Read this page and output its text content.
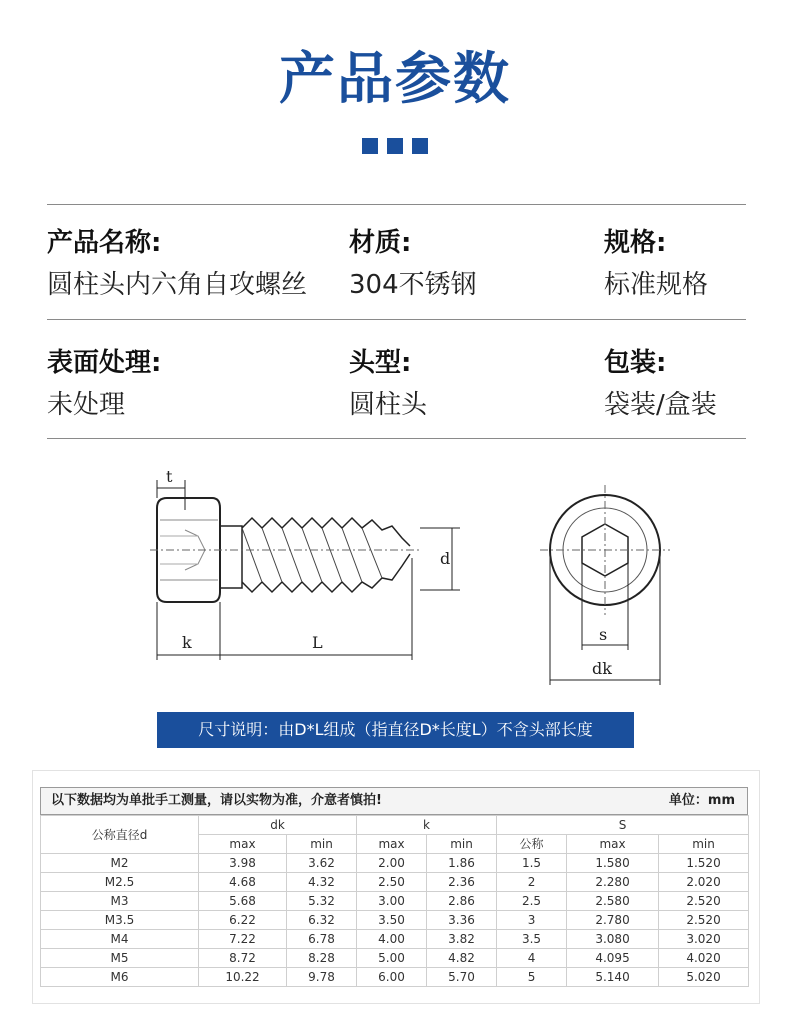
产品参数
产品名称:
圆柱头内六角自攻螺丝
材质:
304不锈钢
规格:
标准规格
表面处理:
未处理
头型:
圆柱头
包装:
袋装/盒装
t
k	L
d
s
dk
尺寸说明：由D*L组成（指直径D*长度L）不含头部长度
以下数据均为单批手工测量，请以实物为准，介意者慎拍!	单位：mm
公称直径d	dk		k		S		
	max	min	max	min	公称	max	min
M2	3.98	3.62	2.00	1.86	1.5	1.580	1.520
M2.5	4.68	4.32	2.50	2.36	2	2.280	2.020
M3	5.68	5.32	3.00	2.86	2.5	2.580	2.520
M3.5	6.22	6.32	3.50	3.36	3	2.780	2.520
M4	7.22	6.78	4.00	3.82	3.5	3.080	3.020
M5	8.72	8.28	5.00	4.82	4	4.095	4.020
M6	10.22	9.78	6.00	5.70	5	5.140	5.020
